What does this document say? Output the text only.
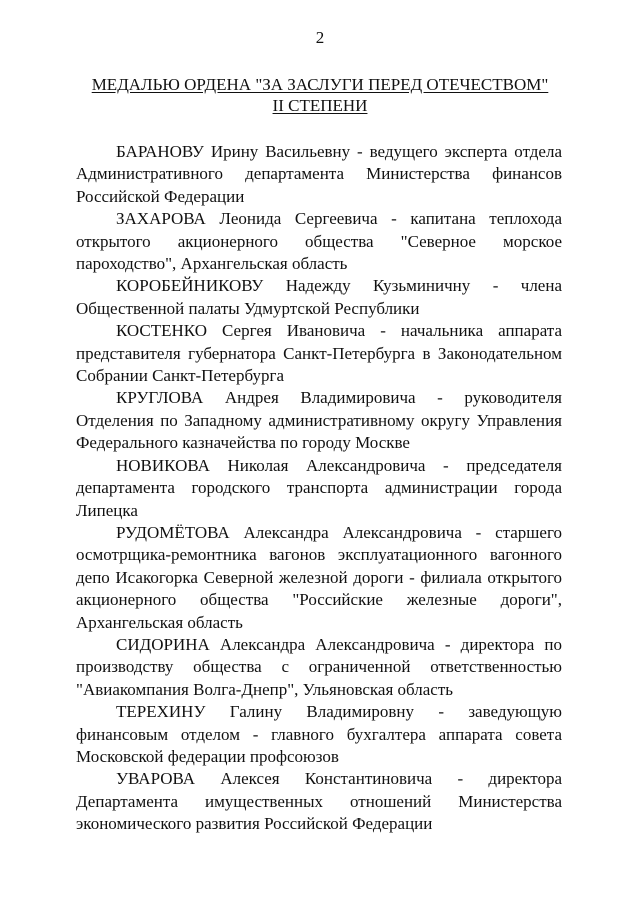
2
МЕДАЛЬЮ ОРДЕНА "ЗА ЗАСЛУГИ ПЕРЕД ОТЕЧЕСТВОМ"
II СТЕПЕНИ

БАРАНОВУ Ирину Васильевну - ведущего эксперта отдела Административного департамента Министерства финансов Российской Федерации

ЗАХАРОВА Леонида Сергеевича - капитана теплохода открытого акционерного общества "Северное морское пароходство", Архангельская область

КОРОБЕЙНИКОВУ Надежду Кузьминичну - члена Общественной палаты Удмуртской Республики

КОСТЕНКО Сергея Ивановича - начальника аппарата представителя губернатора Санкт-Петербурга в Законодательном Собрании Санкт-Петербурга

КРУГЛОВА Андрея Владимировича - руководителя Отделения по Западному административному округу Управления Федерального казначейства по городу Москве

НОВИКОВА Николая Александровича - председателя департамента городского транспорта администрации города Липецка

РУДОМЁТОВА Александра Александровича - старшего осмотрщика-ремонтника вагонов эксплуатационного вагонного депо Исакогорка Северной железной дороги - филиала открытого акционерного общества "Российские железные дороги", Архангельская область

СИДОРИНА Александра Александровича - директора по производству общества с ограниченной ответственностью "Авиакомпания Волга-Днепр", Ульяновская область

ТЕРЕХИНУ Галину Владимировну - заведующую финансовым отделом - главного бухгалтера аппарата совета Московской федерации профсоюзов

УВАРОВА Алексея Константиновича - директора Департамента имущественных отношений Министерства экономического развития Российской Федерации
